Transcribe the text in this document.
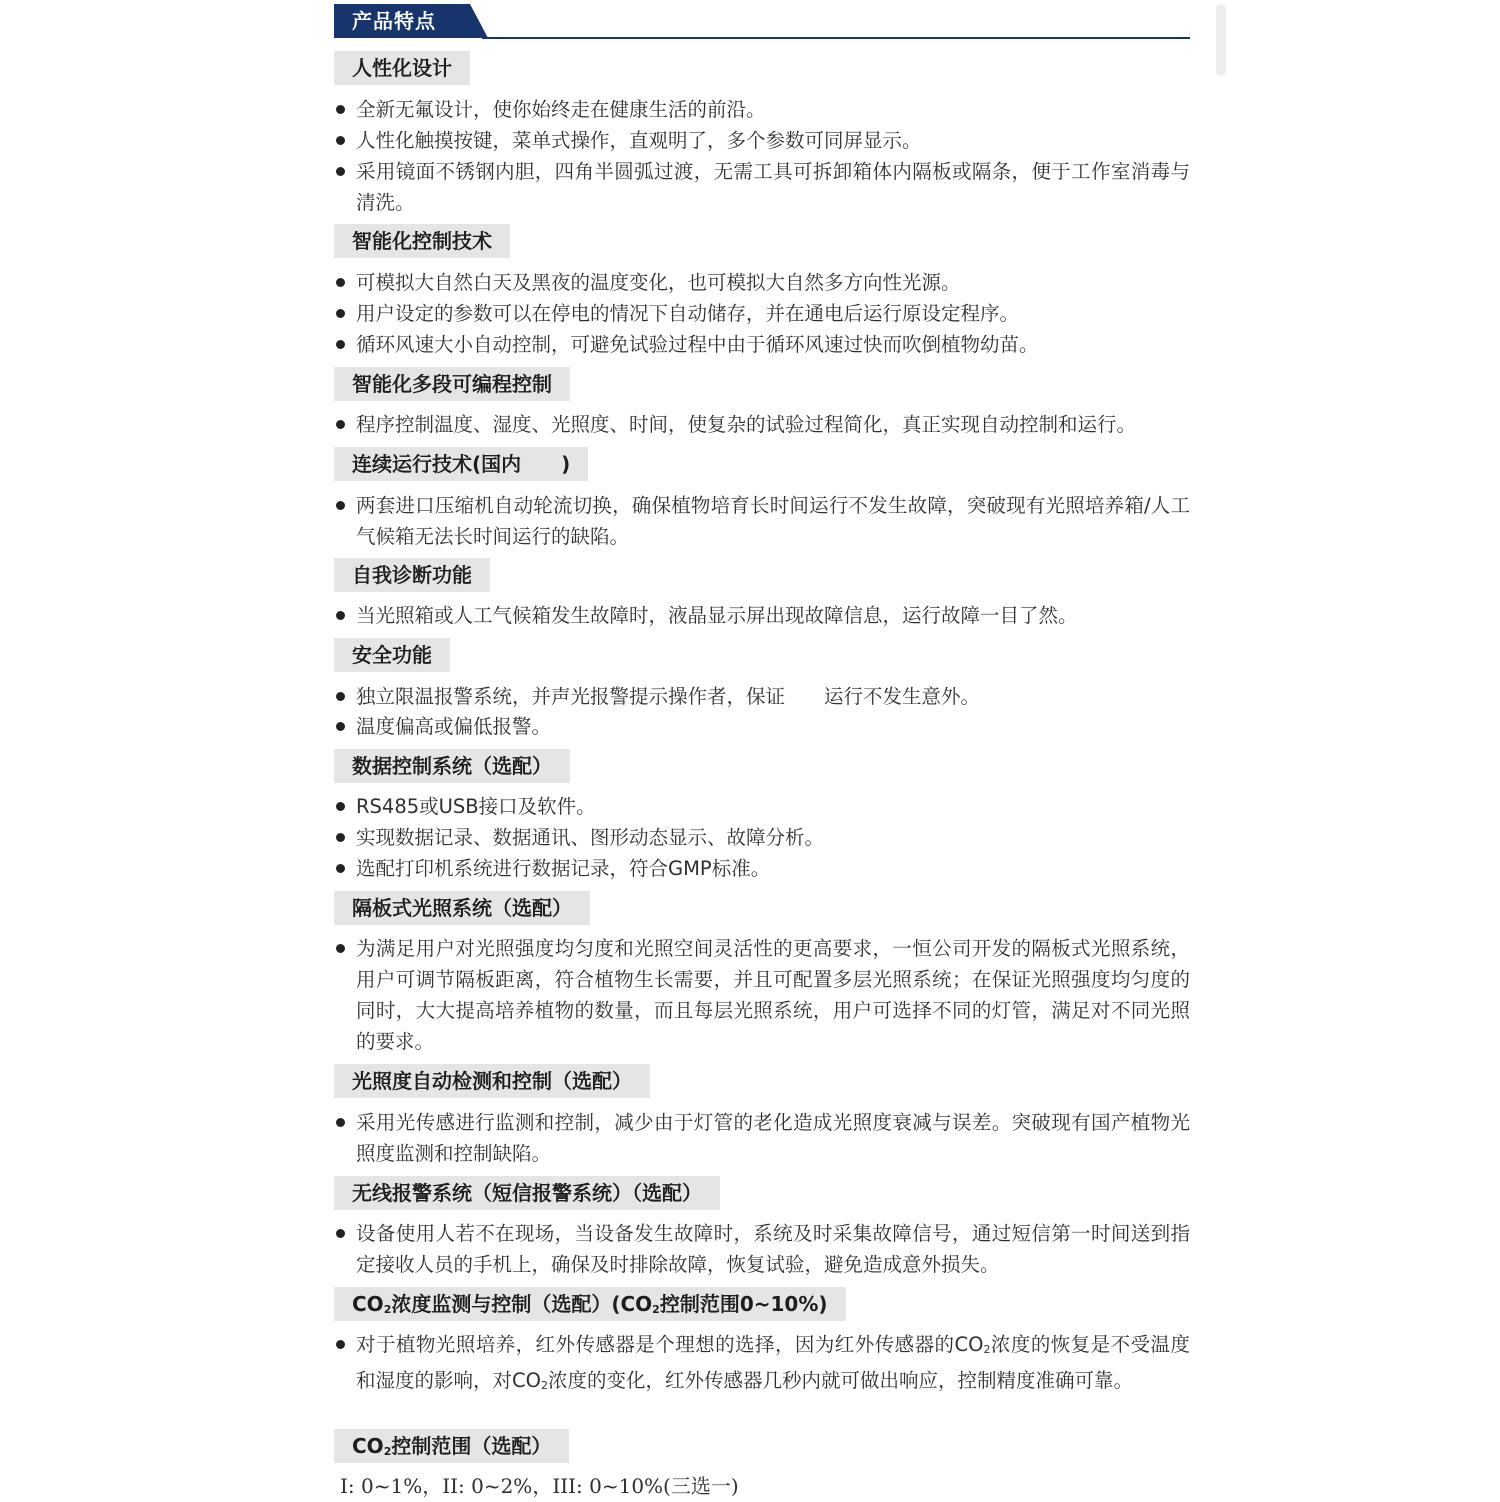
产品特点
人性化设计
全新无氟设计，使你始终走在健康生活的前沿。
人性化触摸按键，菜单式操作，直观明了，多个参数可同屏显示。
采用镜面不锈钢内胆，四角半圆弧过渡，无需工具可拆卸箱体内隔板或隔条，便于工作室消毒与清洗。
智能化控制技术
可模拟大自然白天及黑夜的温度变化，也可模拟大自然多方向性光源。
用户设定的参数可以在停电的情况下自动储存，并在通电后运行原设定程序。
循环风速大小自动控制，可避免试验过程中由于循环风速过快而吹倒植物幼苗。
智能化多段可编程控制
程序控制温度、湿度、光照度、时间，使复杂的试验过程简化，真正实现自动控制和运行。
连续运行技术(国内　　)
两套进口压缩机自动轮流切换，确保植物培育长时间运行不发生故障，突破现有光照培养箱/人工气候箱无法长时间运行的缺陷。
自我诊断功能
当光照箱或人工气候箱发生故障时，液晶显示屏出现故障信息，运行故障一目了然。
安全功能
独立限温报警系统，并声光报警提示操作者，保证　　运行不发生意外。
温度偏高或偏低报警。
数据控制系统（选配）
RS485或USB接口及软件。
实现数据记录、数据通讯、图形动态显示、故障分析。
选配打印机系统进行数据记录，符合GMP标准。
隔板式光照系统（选配）
为满足用户对光照强度均匀度和光照空间灵活性的更高要求，一恒公司开发的隔板式光照系统，用户可调节隔板距离，符合植物生长需要，并且可配置多层光照系统；在保证光照强度均匀度的同时，大大提高培养植物的数量，而且每层光照系统，用户可选择不同的灯管，满足对不同光照的要求。
光照度自动检测和控制（选配）
采用光传感进行监测和控制，减少由于灯管的老化造成光照度衰减与误差。突破现有国产植物光照度监测和控制缺陷。
无线报警系统（短信报警系统）（选配）
设备使用人若不在现场，当设备发生故障时，系统及时采集故障信号，通过短信第一时间送到指定接收人员的手机上，确保及时排除故障，恢复试验，避免造成意外损失。
$CO_2$浓度监测与控制（选配）($CO_2$控制范围0~10%)
对于植物光照培养，红外传感器是个理想的选择，因为红外传感器的$CO_2$浓度的恢复是不受温度和湿度的影响，对$CO_2$浓度的变化，红外传感器几秒内就可做出响应，控制精度准确可靠。
$CO_2$控制范围（选配）
I: 0~1%，II: 0~2%，III: 0~10%(三选一)
